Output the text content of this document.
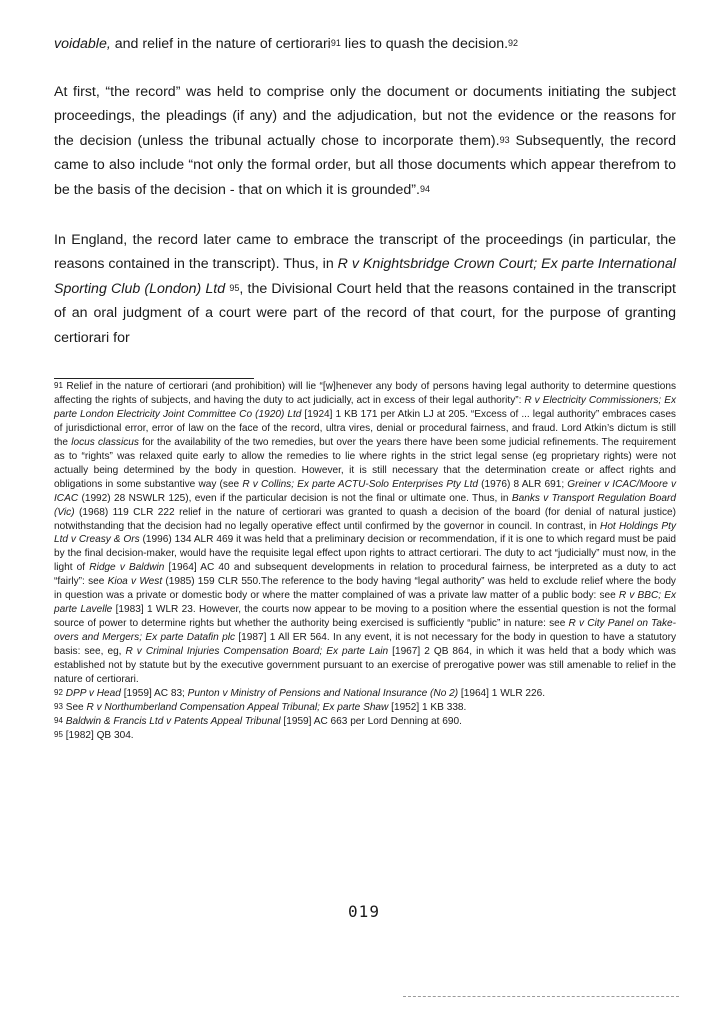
voidable, and relief in the nature of certiorari$^{91}$ lies to quash the decision.$^{92}$

At first, “the record” was held to comprise only the document or documents initiating the subject proceedings, the pleadings (if any) and the adjudication, but not the evidence or the reasons for the decision (unless the tribunal actually chose to incorporate them).$^{93}$ Subsequently, the record came to also include “not only the formal order, but all those documents which appear therefrom to be the basis of the decision - that on which it is grounded”.$^{94}$

In England, the record later came to embrace the transcript of the proceedings (in particular, the reasons contained in the transcript). Thus, in R v Knightsbridge Crown Court; Ex parte International Sporting Club (London) Ltd $^{95}$, the Divisional Court held that the reasons contained in the transcript of an oral judgment of a court were part of the record of that court, for the purpose of granting certiorari for

$^{91}$ Relief in the nature of certiorari (and prohibition) will lie “[w]henever any body of persons having legal authority to determine questions affecting the rights of subjects, and having the duty to act judicially, act in excess of their legal authority”: R v Electricity Commissioners; Ex parte London Electricity Joint Committee Co (1920) Ltd [1924] 1 KB 171 per Atkin LJ at 205. “Excess of ... legal authority” embraces cases of jurisdictional error, error of law on the face of the record, ultra vires, denial or procedural fairness, and fraud. Lord Atkin’s dictum is still the locus classicus for the availability of the two remedies, but over the years there have been some judicial refinements. The requirement as to “rights” was relaxed quite early to allow the remedies to lie where rights in the strict legal sense (eg proprietary rights) were not actually being determined by the body in question. However, it is still necessary that the determination create or affect rights and obligations in some substantive way (see R v Collins; Ex parte ACTU-Solo Enterprises Pty Ltd (1976) 8 ALR 691; Greiner v ICAC/Moore v ICAC (1992) 28 NSWLR 125), even if the particular decision is not the final or ultimate one. Thus, in Banks v Transport Regulation Board (Vic) (1968) 119 CLR 222 relief in the nature of certiorari was granted to quash a decision of the board (for denial of natural justice) notwithstanding that the decision had no legally operative effect until confirmed by the governor in council. In contrast, in Hot Holdings Pty Ltd v Creasy & Ors (1996) 134 ALR 469 it was held that a preliminary decision or recommendation, if it is one to which regard must be paid by the final decision-maker, would have the requisite legal effect upon rights to attract certiorari. The duty to act “judicially” must now, in the light of Ridge v Baldwin [1964] AC 40 and subsequent developments in relation to procedural fairness, be interpreted as a duty to act “fairly”: see Kioa v West (1985) 159 CLR 550.The reference to the body having “legal authority” was held to exclude relief where the body in question was a private or domestic body or where the matter complained of was a private law matter of a public body: see R v BBC; Ex parte Lavelle [1983] 1 WLR 23. However, the courts now appear to be moving to a position where the essential question is not the formal source of power to determine rights but whether the authority being exercised is sufficiently “public” in nature: see R v City Panel on Take-overs and Mergers; Ex parte Datafin plc [1987] 1 All ER 564. In any event, it is not necessary for the body in question to have a statutory basis: see, eg, R v Criminal Injuries Compensation Board; Ex parte Lain [1967] 2 QB 864, in which it was held that a body which was established not by statute but by the executive government pursuant to an exercise of prerogative power was still amenable to relief in the nature of certiorari.

$^{92}$ DPP v Head [1959] AC 83; Punton v Ministry of Pensions and National Insurance (No 2) [1964] 1 WLR 226.

$^{93}$ See R v Northumberland Compensation Appeal Tribunal; Ex parte Shaw [1952] 1 KB 338.

$^{94}$ Baldwin & Francis Ltd v Patents Appeal Tribunal [1959] AC 663 per Lord Denning at 690.

$^{95}$ [1982] QB 304.

019
